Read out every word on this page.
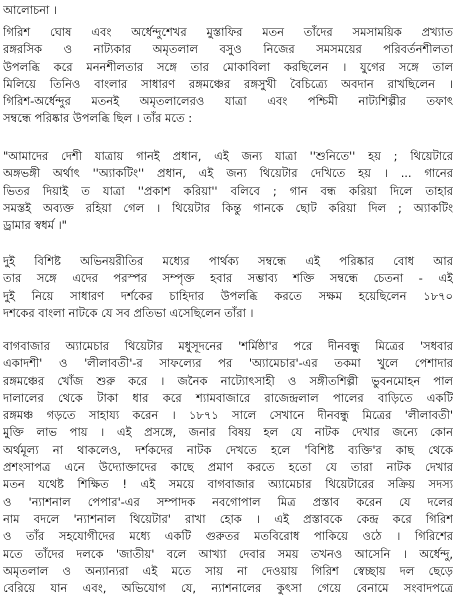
আলোচনা ।
গিরিশ ঘোষ এবং অর্ধেন্দুশেখর মুস্তাফির মতন তাঁদের সমসাময়িক প্রখ্যাত
রঙ্গরসিক ও নাট্যকার অমৃতলাল বসুও নিজের সমসময়ের পরিবর্তনশীলতা
উপলব্ধি করে মননশীলতার সঙ্গে তার মোকাবিলা করছিলেন । যুগের সঙ্গে তাল
মিলিয়ে তিনিও বাংলার সাধারণ রঙ্গমঞ্চের রঙ্গসুখী বৈচিত্র্যে অবদান রাখছিলেন ।
গিরিশ-অর্ধেন্দুর মতনই অমৃতলালেরও যাত্রা এবং পশ্চিমী নাট্যশিল্পীর তফাৎ
সম্বন্ধে পরিষ্কার উপলব্ধি ছিল । তাঁর মতে :
"আমাদের দেশী যাত্রায় গানই প্রধান, এই জন্য যাত্রা ''শুনিতে'' হয় ; থিয়েটারে
অঙ্গভঙ্গী অর্থাৎ ''অ্যাকটিং'' প্রধান, এই জন্য থিয়েটার দেখিতে হয় । ... গানের
ভিতর দিয়াই ত যাত্রা ''প্রকাশ করিয়া'' বলিবে ; গান বন্ধ করিয়া দিলে তাহার
সমস্তই অব্যক্ত রহিয়া গেল । থিয়েটার কিন্তু গানকে ছোট করিয়া দিল ; অ্যাকটিং
ড্রামার স্বধর্ম ।"
দুই বিশিষ্ট অভিনয়রীতির মধ্যের পার্থক্য সম্বন্ধে এই পরিষ্কার বোধ আর
তার সঙ্গে এদের পরস্পর সম্পৃক্ত হবার সম্ভাব্য শক্তি সম্বন্ধে চেতনা - এই
দুই নিয়ে সাধারণ দর্শকের চাহিদার উপলব্ধি করতে সক্ষম হয়েছিলেন ১৮৭০
দশকের বাংলা নাটকে যে সব প্রতিভা এসেছিলেন তাঁরা ।
বাগবাজার অ্যামেচার থিয়েটার মধুসূদনের 'শর্মিষ্ঠা'র পরে দীনবন্ধু মিত্রের 'সধবার
একাদশী' ও 'লীলাবতী'-র সাফল্যের পর 'অ্যামেচার'-এর তকমা খুলে পেশাদার
রঙ্গমঞ্চের খোঁজ শুরু করে । জনৈক নাট্যোৎসাহী ও সঙ্গীতশিল্পী ভুবনমোহন পাল
দালালের থেকে টাকা ধার করে শ্যামবাজারে রাজেন্দ্রলাল পালের বাড়িতে একটি
রঙ্গমঞ্চ গড়তে সাহায্য করেন । ১৮৭১ সালে সেখানে দীনবন্ধু মিত্রের 'লীলাবতী'
মুক্তি লাভ পায় । এই প্রসঙ্গে, জনার বিষয় হল যে নাটক দেখার জন্যে কোন
অর্থমূল্য না থাকলেও, দর্শকদের নাটক দেখতে হলে 'বিশিষ্ট ব্যক্তি'র কাছ থেকে
প্রশংসাপত্র এনে উদ্যোক্তাদের কাছে প্রমাণ করতে হতো যে তারা নাটক দেখার
মতন যথেষ্ট শিক্ষিত ! এই সময়ে বাগবাজার অ্যামেচার থিয়েটারের সক্রিয় সদস্য
ও 'ন্যাশনাল পেপার'-এর সম্পাদক নবগোপাল মিত্র প্রস্তাব করেন যে দলের
নাম বদলে 'ন্যাশনাল থিয়েটার' রাখা হোক । এই প্রস্তাবকে কেন্দ্র করে গিরিশ
ও তাঁর সহযোগীদের মধ্যে একটি গুরুতর মতবিরোধ পাকিয়ে ওঠে । গিরিশের
মতে তাঁদের দলকে 'জাতীয়' বলে আখ্যা দেবার সময় তখনও আসেনি । অর্ধেন্দু,
অমৃতলাল ও অন্যান্যরা এই মতে সায় না দেওয়ায় গিরিশ স্বেচ্ছায় দল ছেড়ে
বেরিয়ে যান এবং, অভিযোগ যে, ন্যাশনালের কুৎসা গেয়ে বেনামে সংবাদপত্রে
